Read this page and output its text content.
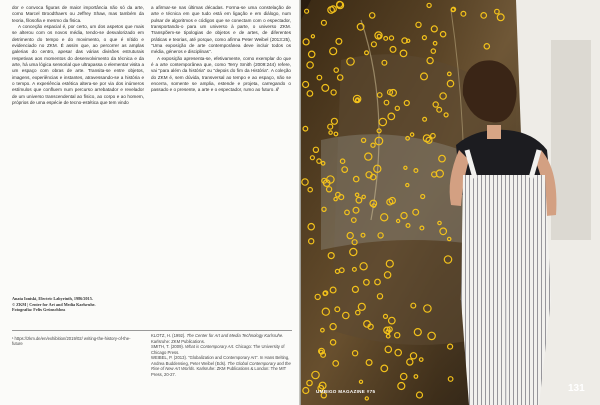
dor e convoca figuras de maior importância não só da arte, como Marcel Broodthaers ou Jeffrey Shaw, mas também da teoria, filosofia e mesmo da física.

A conceção espacial é, por certo, um dos aspetos que mais se alterou com os novos média, tendo-se desvalorizado em detrimento do tempo e do movimento, o que é nítido e evidenciado no ZKM. É assim que, ao percorrer as amplas galerias do centro, apesar das várias divisões estruturais respetivas aos momentos do desenvolvimento da técnica e da arte, há uma lógica sensorial que ultrapassa o elementar visita a um espaço com obras de arte. Transita-se entre objetos, imagens, experiências e instantes, atravessando-se a história e o tempo. A experiência estética altera-se por via dos inúmeros estímulos que confluem num percurso arrebatador e revelador de um universo transcendental ao físico, ao corpo e ao homem, próprios de uma espécie de tecno-estética que tem vindo

a afirmar-se nas últimas décadas. Forma-se uma constelação de arte e técnica em que tudo está em ligação e em diálogo, num pulsar de algoritmos e códigos que se conectam com o espectador, transportando-o para um universo à parte, o universo ZKM. Transpõem-se tipologias de objetos e de artes, de diferentes práticas e teorias, até porque, como afirma Peter Weibel (2013:25), "Uma exposição de arte contemporânea deve incluir todos os média, géneros e disciplinas".

A exposição apresenta-se, efetivamente, como exemplar do que é a arte contemporânea que, como Terry Smith (2009:244) refere, vai "para além da história" ou "depois do fim da História". A coleção do ZKM é, sem dúvida, transversal ao tempo e ao espaço, não se encerra, somente se amplia, estende e projeta, carregando o passado e o presente, a arte e o espectador, rumo ao futuro. //

Anata Ioniski, Electric Labyrinth, 1986/2015.
© ZKM | Center for Art and Media Karlsruhe.
Fotografia: Felix Grünschloss
¹ https://zkm.de/en/exhibition/2019/02/ writing-the-history-of-the-future

KLOTZ, H. (1992). The Center for Art and Media Technology Karlsruhe. Karlsruhe: ZKM Publications.

SMITH, T. (2009). What is Contemporary Art. Chicago: The University of Chicago Press.

WEIBEL, P. (2013). "Globalization and Contemporary Art". In Hans Belting, Andrea Buddensieg, Peter Weibel (Eds). The Global Contemporary and the Rise of New Art Worlds. Karlsruhe: ZKM Publications & London: The MIT Press, 20-27.

UMBIGO MAGAZINE #75	131
